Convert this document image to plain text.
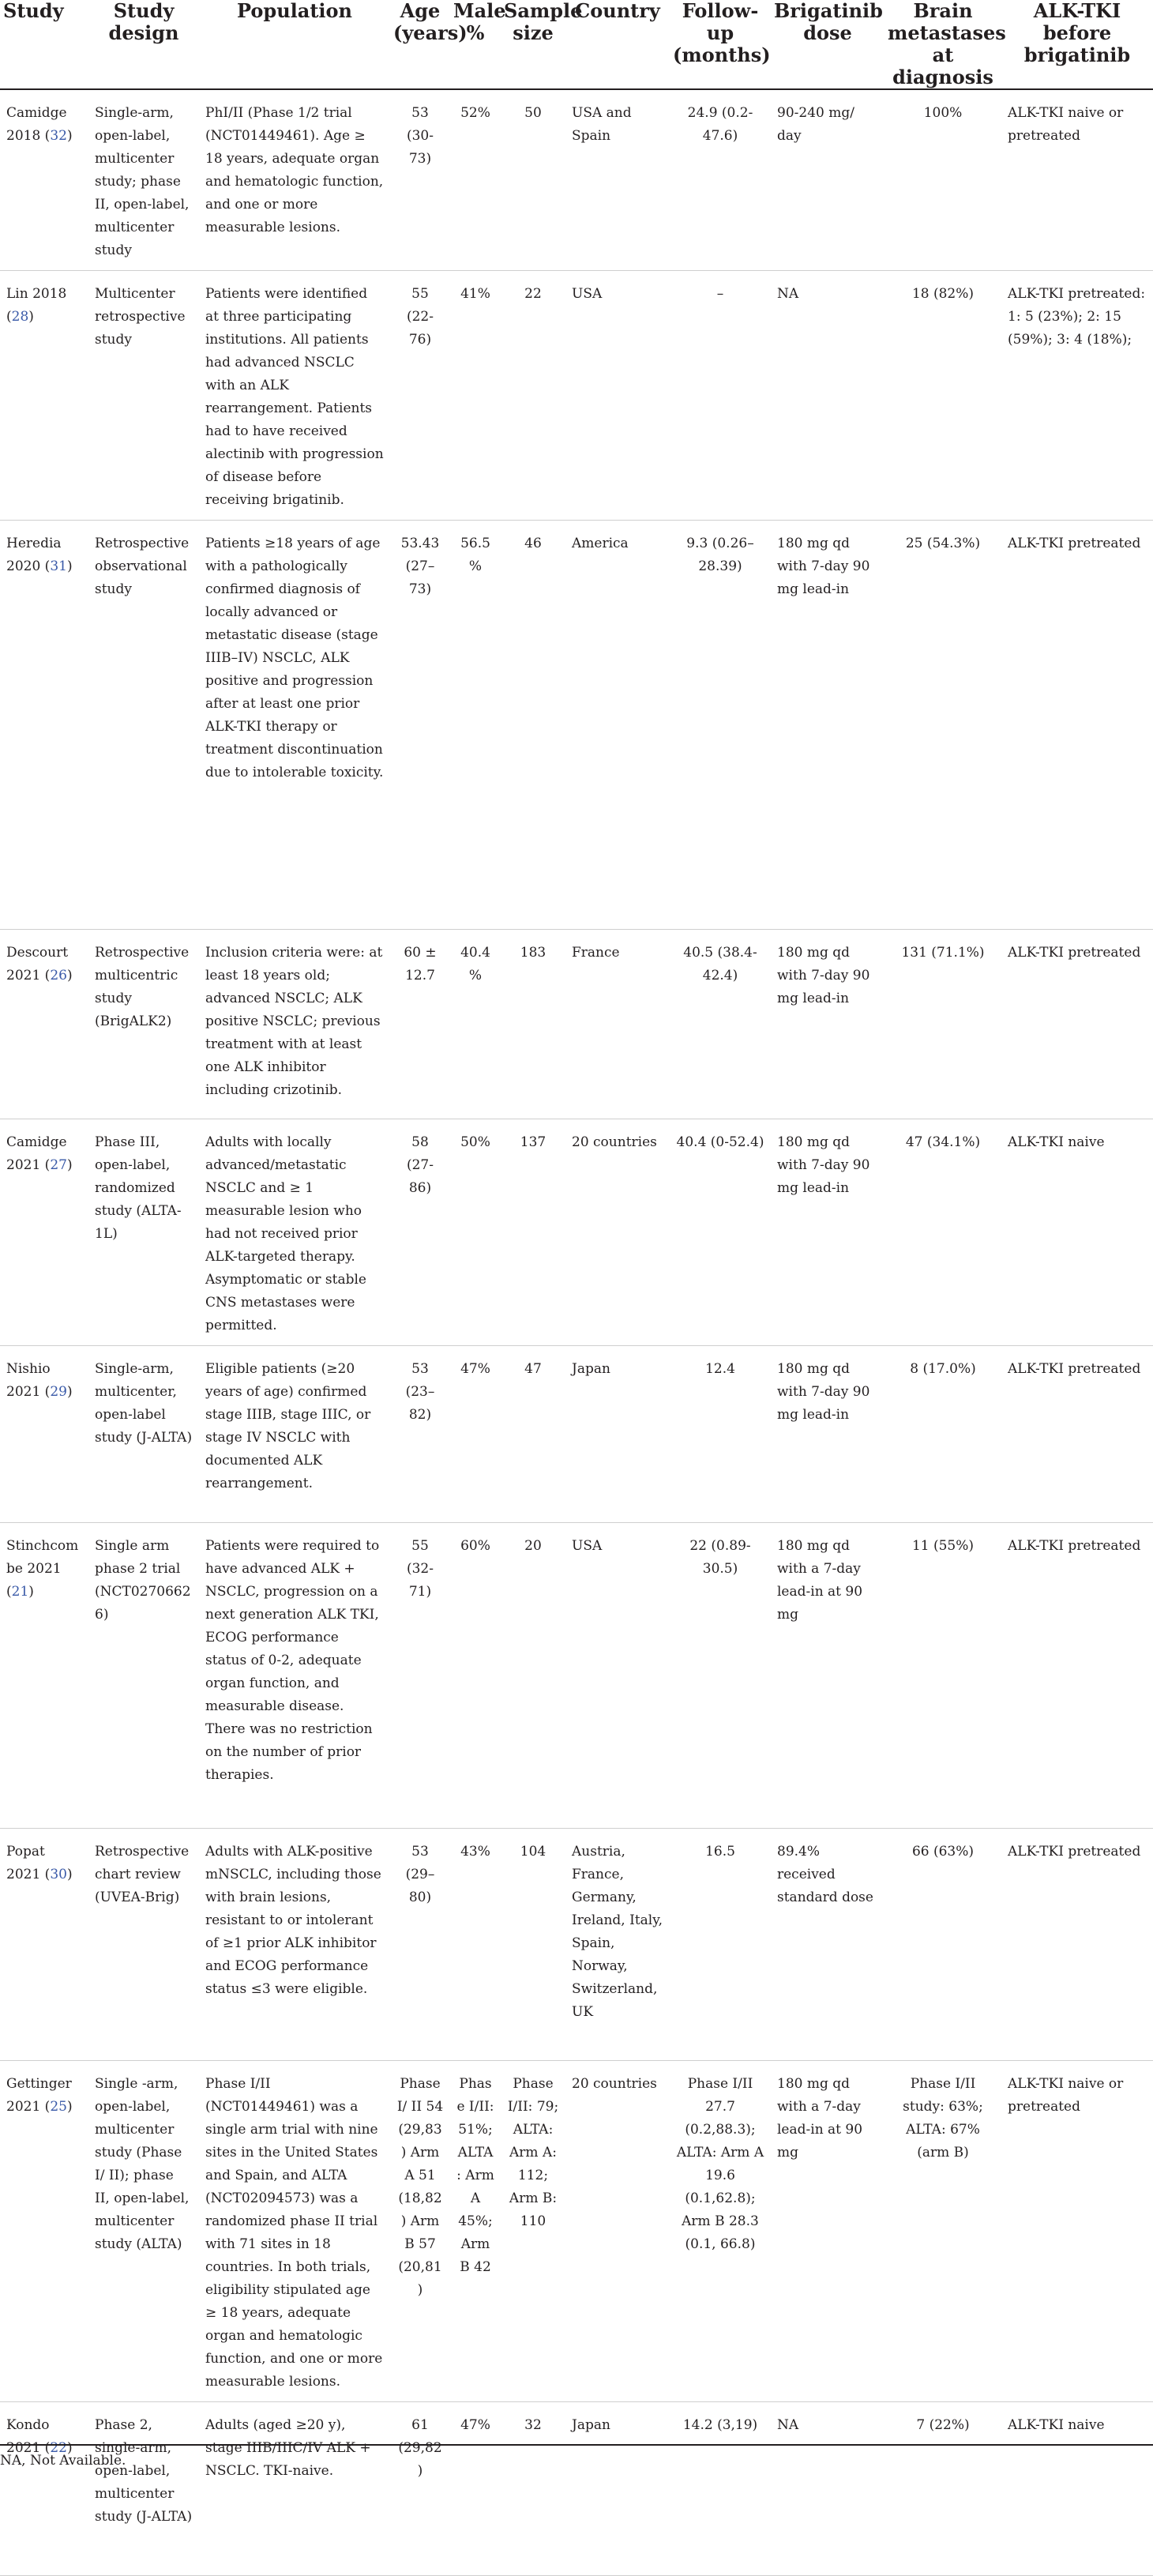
Study	Study design	Population	Age (years)	Male %	Sample size	Country	Follow-up (months)	Brigatinib dose	Brain metastases at diagnosis	ALK-TKI before brigatinib
Camidge 2018 (32)	Single-arm, open-label, multicenter study; phase II, open-label, multicenter study	PhI/II (Phase 1/2 trial (NCT01449461). Age ≥ 18 years, adequate organ and hematologic function, and one or more measurable lesions.	53 (30-73)	52%	50	USA and Spain	24.9 (0.2-47.6)	90-240 mg/ day	100%	ALK-TKI naive or pretreated
Lin 2018 (28)	Multicenter retrospective study	Patients were identified at three participating institutions. All patients had advanced NSCLC with an ALK rearrangement. Patients had to have received alectinib with progression of disease before receiving brigatinib.	55 (22-76)	41%	22	USA	–	NA	18 (82%)	ALK-TKI pretreated: 1: 5 (23%); 2: 15 (59%); 3: 4 (18%);
Heredia 2020 (31)	Retrospective observational study	Patients ≥18 years of age with a pathologically confirmed diagnosis of locally advanced or metastatic disease (stage IIIB–IV) NSCLC, ALK positive and progression after at least one prior ALK-TKI therapy or treatment discontinuation due to intolerable toxicity.	53.43 (27–73)	56.5%	46	America	9.3 (0.26–28.39)	180 mg qd with 7-day 90 mg lead-in	25 (54.3%)	ALK-TKI pretreated
Descourt 2021 (26)	Retrospective multicentric study (BrigALK2)	Inclusion criteria were: at least 18 years old; advanced NSCLC; ALK positive NSCLC; previous treatment with at least one ALK inhibitor including crizotinib.	60 ± 12.7	40.4%	183	France	40.5 (38.4-42.4)	180 mg qd with 7-day 90 mg lead-in	131 (71.1%)	ALK-TKI pretreated
Camidge 2021 (27)	Phase III, open-label, randomized study (ALTA-1L)	Adults with locally advanced/metastatic NSCLC and ≥ 1 measurable lesion who had not received prior ALK-targeted therapy. Asymptomatic or stable CNS metastases were permitted.	58 (27-86)	50%	137	20 countries	40.4 (0-52.4)	180 mg qd with 7-day 90 mg lead-in	47 (34.1%)	ALK-TKI naive
Nishio 2021 (29)	Single-arm, multicenter, open-label study (J-ALTA)	Eligible patients (≥20 years of age) confirmed stage IIIB, stage IIIC, or stage IV NSCLC with documented ALK rearrangement.	53 (23–82)	47%	47	Japan	12.4	180 mg qd with 7-day 90 mg lead-in	8 (17.0%)	ALK-TKI pretreated
Stinchcombe 2021 (21)	Single arm phase 2 trial (NCT02706626)	Patients were required to have advanced ALK + NSCLC, progression on a next generation ALK TKI, ECOG performance status of 0-2, adequate organ function, and measurable disease. There was no restriction on the number of prior therapies.	55 (32-71)	60%	20	USA	22 (0.89-30.5)	180 mg qd with a 7-day lead-in at 90 mg	11 (55%)	ALK-TKI pretreated
Popat 2021 (30)	Retrospective chart review (UVEA-Brig)	Adults with ALK-positive mNSCLC, including those with brain lesions, resistant to or intolerant of ≥1 prior ALK inhibitor and ECOG performance status ≤3 were eligible.	53 (29–80)	43%	104	Austria, France, Germany, Ireland, Italy, Spain, Norway, Switzerland, UK	16.5	89.4% received standard dose	66 (63%)	ALK-TKI pretreated
Gettinger 2021 (25)	Single -arm, open-label, multicenter study (Phase I/ II); phase II, open-label, multicenter study (ALTA)	Phase I/II (NCT01449461) was a single arm trial with nine sites in the United States and Spain, and ALTA (NCT02094573) was a randomized phase II trial with 71 sites in 18 countries. In both trials, eligibility stipulated age ≥ 18 years, adequate organ and hematologic function, and one or more measurable lesions.	Phase I/ II 54 (29,83) Arm A 51 (18,82) Arm B 57 (20,81)	Phase I/II: 51%; ALTA: Arm A 45%; Arm B 42	Phase I/II: 79; ALTA: Arm A: 112; Arm B: 110	20 countries	Phase I/II 27.7 (0.2,88.3); ALTA: Arm A 19.6 (0.1,62.8); Arm B 28.3 (0.1, 66.8)	180 mg qd with a 7-day lead-in at 90 mg	Phase I/II study: 63%; ALTA: 67% (arm B)	ALK-TKI naive or pretreated
Kondo 2021 (22)	Phase 2, single-arm, open-label, multicenter study (J-ALTA)	Adults (aged ≥20 y), stage IIIB/IIIC/IV ALK + NSCLC. TKI-naive.	61 (29,82)	47%	32	Japan	14.2 (3,19)	NA	7 (22%)	ALK-TKI naive
NA, Not Available.
